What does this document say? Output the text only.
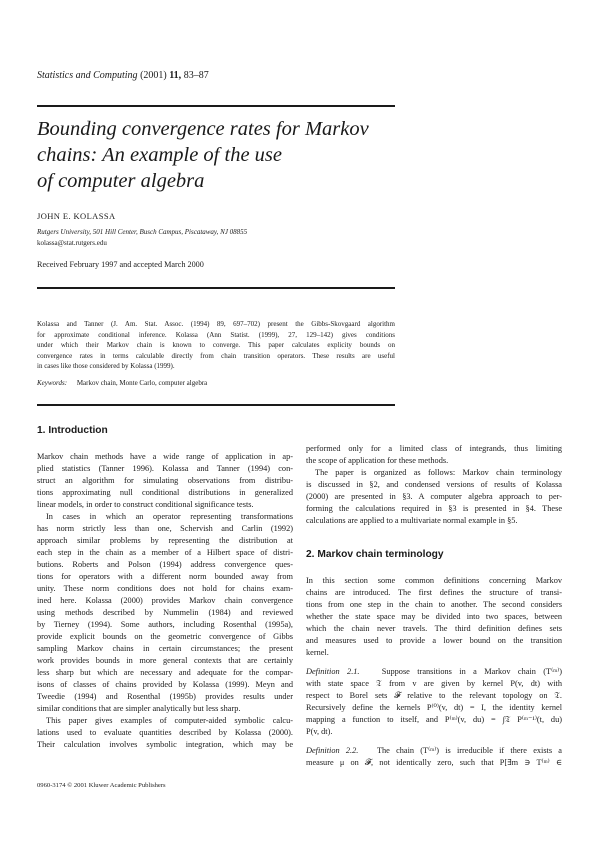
Statistics and Computing (2001) 11, 83–87
Bounding convergence rates for Markov
chains: An example of the use
of computer algebra
JOHN E. KOLASSA
Rutgers University, 501 Hill Center, Busch Campus, Piscataway, NJ 08855
kolassa@stat.rutgers.edu
Received February 1997 and accepted March 2000
Kolassa and Tanner (J. Am. Stat. Assoc. (1994) 89, 697–702) present the Gibbs-Skovgaard algorithm
for approximate conditional inference. Kolassa (Ann Statist. (1999), 27, 129–142) gives conditions
under which their Markov chain is known to converge. This paper calculates explicity bounds on
convergence rates in terms calculable directly from chain transition operators. These results are useful
in cases like those considered by Kolassa (1999).
Keywords: Markov chain, Monte Carlo, computer algebra
1. Introduction
Markov chain methods have a wide range of application in ap-
plied statistics (Tanner 1996). Kolassa and Tanner (1994) con-
struct an algorithm for simulating observations from distribu-
tions approximating null conditional distributions in generalized
linear models, in order to construct conditional significance tests.
In cases in which an operator representing transformations
has norm strictly less than one, Schervish and Carlin (1992)
approach similar problems by representing the distribution at
each step in the chain as a member of a Hilbert space of distri-
butions. Roberts and Polson (1994) address convergence ques-
tions for operators with a different norm bounded away from
unity. These norm conditions does not hold for chains exam-
ined here. Kolassa (2000) provides Markov chain convergence
using methods described by Nummelin (1984) and reviewed
by Tierney (1994). Some authors, including Rosenthal (1995a),
provide explicit bounds on the geometric convergence of Gibbs
sampling Markov chains in certain circumstances; the present
work provides bounds in more general contexts that are certainly
less sharp but which are necessary and adequate for the compar-
isons of classes of chains provided by Kolassa (1999). Meyn and
Tweedie (1994) and Rosenthal (1995b) provides results under
similar conditions that are simpler analytically but less sharp.
This paper gives examples of computer-aided symbolic calcu-
lations used to evaluate quantities described by Kolassa (2000).
Their calculation involves symbolic integration, which may be
performed only for a limited class of integrands, thus limiting
the scope of application for these methods.
The paper is organized as follows: Markov chain terminology
is discussed in §2, and condensed versions of results of Kolassa
(2000) are presented in §3. A computer algebra approach to per-
forming the calculations required in §3 is presented in §4. These
calculations are applied to a multivariate normal example in §5.
2. Markov chain terminology
In this section some common definitions concerning Markov
chains are introduced. The first defines the structure of transi-
tions from one step in the chain to another. The second considers
whether the state space may be divided into two spaces, between
which the chain never travels. The third definition defines sets
and measures used to provide a lower bound on the transition
kernel.
Definition 2.1.	Suppose transitions in a Markov chain (T⁽ᵐ⁾)
with state space 𝔗 from v are given by kernel P(v, dt) with
respect to Borel sets 𝓕 relative to the relevant topology on 𝔗.
Recursively define the kernels P⁽⁰⁾(v, dt) = I, the identity kernel
mapping a function to itself, and P⁽ᵐ⁾(v, du) = ∫𝔗 P⁽ᵐ⁻¹⁾(t, du)
P(v, dt).
Definition 2.2. The chain (T⁽ᵐ⁾) is irreducible if there exists a
measure μ on 𝓕, not identically zero, such that P[∃m ∋ T⁽ᵐ⁾ ∈
0960-3174 © 2001 Kluwer Academic Publishers
